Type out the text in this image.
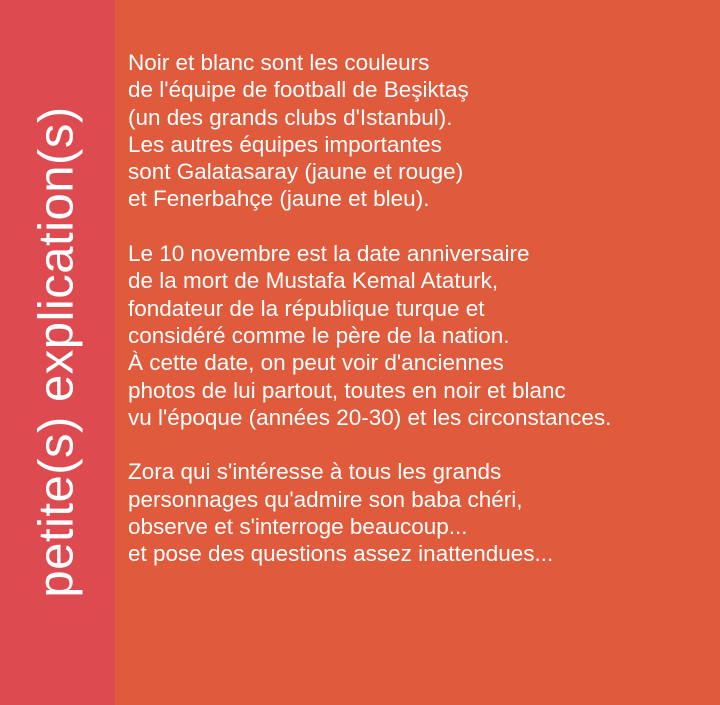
petite(s) explication(s)

Noir et blanc sont les couleurs
de l'équipe de football de Beşiktaş
(un des grands clubs d'Istanbul).
Les autres équipes importantes
sont Galatasaray (jaune et rouge)
et Fenerbahçe (jaune et bleu).

Le 10 novembre est la date anniversaire
de la mort de Mustafa Kemal Ataturk,
fondateur de la république turque et
considéré comme le père de la nation.
À cette date, on peut voir d'anciennes
photos de lui partout, toutes en noir et blanc
vu l'époque (années 20-30) et les circonstances.

Zora qui s'intéresse à tous les grands
personnages qu'admire son baba chéri,
observe et s'interroge beaucoup...
et pose des questions assez inattendues...
